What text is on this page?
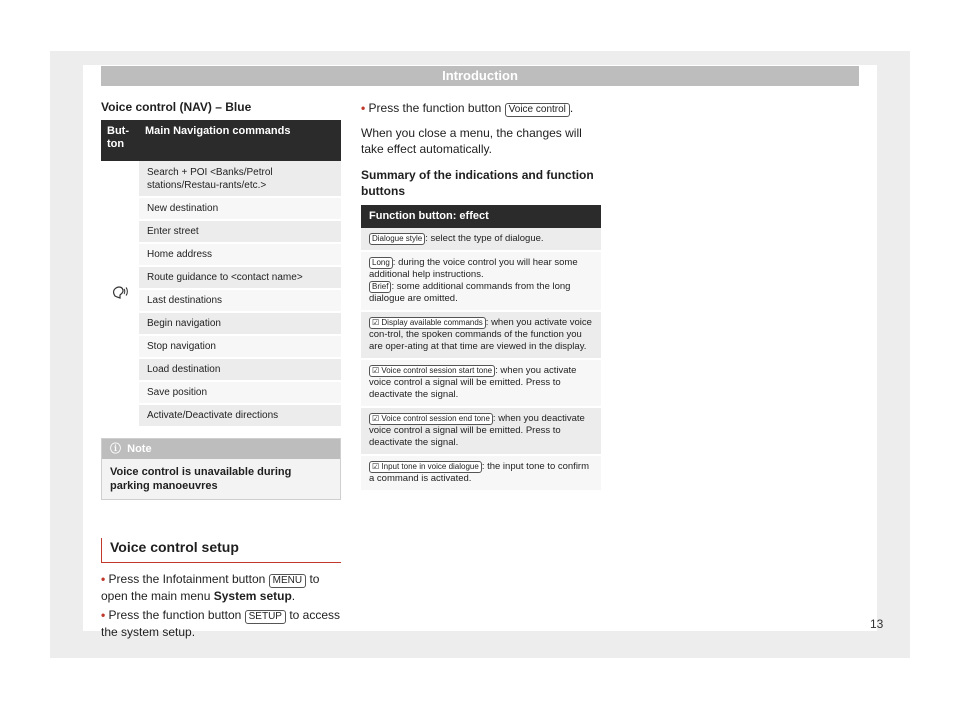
Introduction
Voice control (NAV) – Blue
But-
ton	Main Navigation commands
	Search + POI <Banks/Petrol stations/Restau-rants/etc.>
	New destination
	Enter street
	Home address
	Route guidance to <contact name>
	Last destinations
	Begin navigation
	Stop navigation
	Load destination
	Save position
	Activate/Deactivate directions
ⓘ Note
Voice control is unavailable during parking manoeuvres
Voice control setup
• Press the Infotainment button MENU to open the main menu System setup.
• Press the function button SETUP to access the system setup.
• Press the function button Voice control .
When you close a menu, the changes will take effect automatically.
Summary of the indications and function buttons
Function button: effect
Dialogue style : select the type of dialogue.
Long : during the voice control you will hear some additional help instructions.
Brief : some additional commands from the long dialogue are omitted.
☑ Display available commands : when you activate voice con-trol, the spoken commands of the function you are oper-ating at that time are viewed in the display.
☑ Voice control session start tone : when you activate voice control a signal will be emitted. Press to deactivate the signal.
☑ Voice control session end tone : when you deactivate voice control a signal will be emitted. Press to deactivate the signal.
☑ Input tone in voice dialogue : the input tone to confirm a command is activated.
13
